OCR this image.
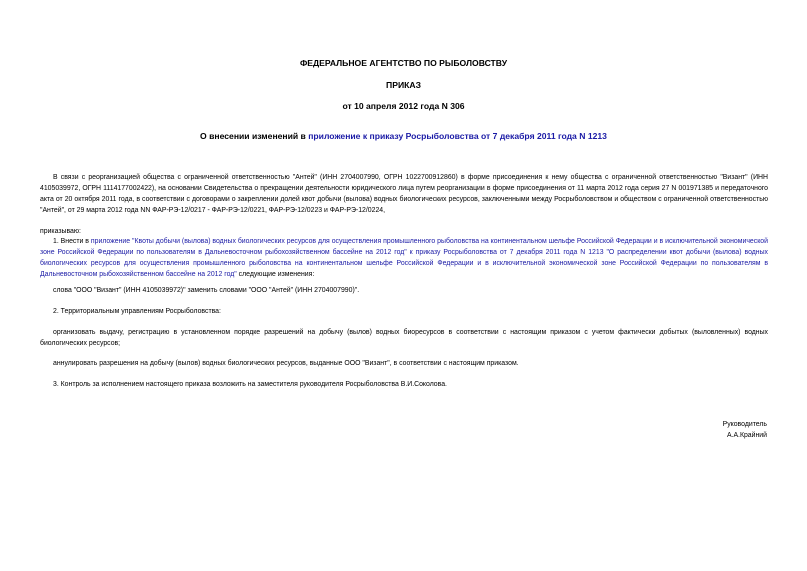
ФЕДЕРАЛЬНОЕ АГЕНТСТВО ПО РЫБОЛОВСТВУ

ПРИКАЗ

от 10 апреля 2012 года N 306

О внесении изменений в приложение к приказу Росрыболовства от 7 декабря 2011 года N 1213

В связи с реорганизацией общества с ограниченной ответственностью "Антей" (ИНН 2704007990, ОГРН 1022700912860) в форме присоединения к нему общества с ограниченной ответственностью "Визант" (ИНН 4105039972, ОГРН 1114177002422), на основании Свидетельства о прекращении деятельности юридического лица путем реорганизации в форме присоединения от 11 марта 2012 года серия 27 N 001971385 и передаточного акта от 20 октября 2011 года, в соответствии с договорами о закреплении долей квот добычи (вылова) водных биологических ресурсов, заключенными между Росрыболовством и обществом с ограниченной ответственностью "Антей", от 29 марта 2012 года NN ФАР-РЭ-12/0217 - ФАР-РЭ-12/0221, ФАР-РЭ-12/0223 и ФАР-РЭ-12/0224,

приказываю:

1. Внести в приложение "Квоты добычи (вылова) водных биологических ресурсов для осуществления промышленного рыболовства на континентальном шельфе Российской Федерации и в исключительной экономической зоне Российской Федерации по пользователям в Дальневосточном рыбохозяйственном бассейне на 2012 год" к приказу Росрыболовства от 7 декабря 2011 года N 1213 "О распределении квот добычи (вылова) водных биологических ресурсов для осуществления промышленного рыболовства на континентальном шельфе Российской Федерации и в исключительной экономической зоне Российской Федерации по пользователям в Дальневосточном рыбохозяйственном бассейне на 2012 год" следующие изменения:

слова "ООО "Визант" (ИНН 4105039972)" заменить словами "ООО "Антей" (ИНН 2704007990)".

2. Территориальным управлениям Росрыболовства:

организовать выдачу, регистрацию в установленном порядке разрешений на добычу (вылов) водных биоресурсов в соответствии с настоящим приказом с учетом фактически добытых (выловленных) водных биологических ресурсов;

аннулировать разрешения на добычу (вылов) водных биологических ресурсов, выданные ООО "Визант", в соответствии с настоящим приказом.

3. Контроль за исполнением настоящего приказа возложить на заместителя руководителя Росрыболовства В.И.Соколова.

Руководитель

А.А.Крайний
